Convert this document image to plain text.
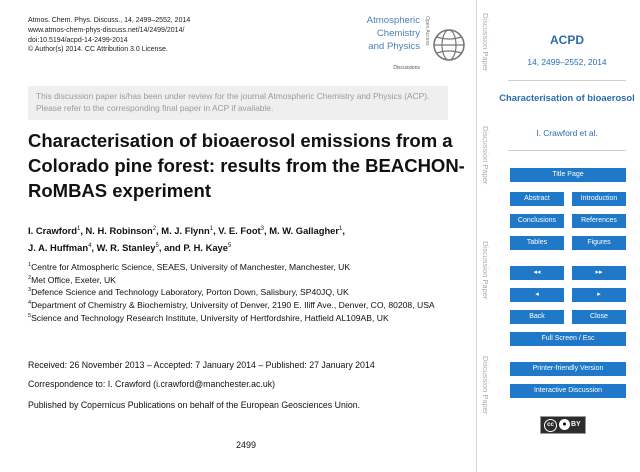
Atmos. Chem. Phys. Discuss., 14, 2499–2552, 2014
www.atmos-chem-phys-discuss.net/14/2499/2014/
doi:10.5194/acpd-14-2499-2014
© Author(s) 2014. CC Attribution 3.0 License.
Atmospheric
Chemistry
and Physics
Discussions
Open Access
This discussion paper is/has been under review for the journal Atmospheric Chemistry and Physics (ACP). Please refer to the corresponding final paper in ACP if available.
Characterisation of bioaerosol emissions from a Colorado pine forest: results from the BEACHON-RoMBAS experiment
I. Crawford$^1$, N. H. Robinson$^2$, M. J. Flynn$^1$, V. E. Foot$^3$, M. W. Gallagher$^1$,
J. A. Huffman$^4$, W. R. Stanley$^5$, and P. H. Kaye$^5$

$^1$Centre for Atmospheric Science, SEAES, University of Manchester, Manchester, UK

$^2$Met Office, Exeter, UK

$^3$Defence Science and Technology Laboratory, Porton Down, Salisbury, SP40JQ, UK

$^4$Department of Chemistry & Biochemistry, University of Denver, 2190 E. Iliff Ave., Denver, CO, 80208, USA

$^5$Science and Technology Research Institute, University of Hertfordshire, Hatfield AL109AB, UK

Received: 26 November 2013 – Accepted: 7 January 2014 – Published: 27 January 2014
Correspondence to: I. Crawford (i.crawford@manchester.ac.uk)
Published by Copernicus Publications on behalf of the European Geosciences Union.
2499
Discussion Paper
Discussion Paper
Discussion Paper
Discussion Paper
ACPD
14, 2499–2552, 2014
Characterisation of bioaerosol
I. Crawford et al.
Title Page
Abstract	Introduction
Conclusions	References
Tables	Figures
◂◂	▸▸
◂	▸
Back	Close
Full Screen / Esc
Printer-friendly Version
Interactive Discussion
cc	● BY
